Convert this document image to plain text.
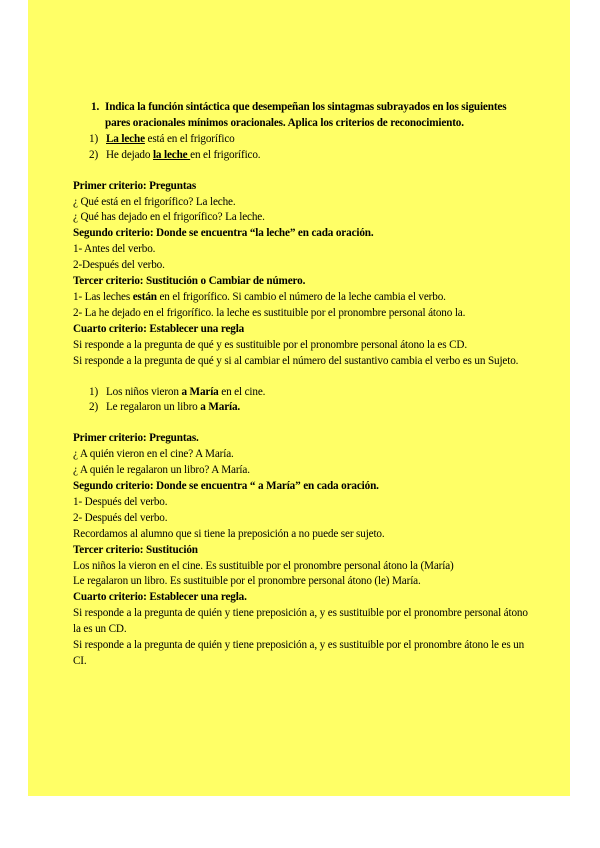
1. Indica la función sintáctica que desempeñan los sintagmas subrayados en los siguientes pares oracionales mínimos oracionales. Aplica los criterios de reconocimiento.
1) La leche está en el frigorífico
2) He dejado la leche en el frigorífico.
Primer criterio: Preguntas
¿ Qué está en el frigorífico? La leche.
¿ Qué has dejado en el frigorífico? La leche.
Segundo criterio: Donde se encuentra “la leche” en cada oración.
1- Antes del verbo.
2-Después del verbo.
Tercer criterio: Sustitución o Cambiar de número.
1- Las leches están en el frigorífico. Si cambio el número de la leche cambia el verbo.
2- La he dejado en el frigorífico. la leche es sustituible por el pronombre personal átono la.
Cuarto criterio: Establecer una regla
Si responde a la pregunta de qué y es sustituible por el pronombre personal átono la es CD.
Si responde a la pregunta de qué y si al cambiar el número del sustantivo cambia el verbo es un Sujeto.
1) Los niños vieron a María en el cine.
2) Le regalaron un libro a María.
Primer criterio: Preguntas.
¿ A quién vieron en el cine? A María.
¿ A quién le regalaron un libro? A María.
Segundo criterio: Donde se encuentra “ a María” en cada oración.
1- Después del verbo.
2- Después del verbo.
Recordamos al alumno que si tiene la preposición a no puede ser sujeto.
Tercer criterio: Sustitución
Los niños la vieron en el cine. Es sustituible por el pronombre personal átono la (María)
Le regalaron un libro. Es sustituible por el pronombre personal átono (le) María.
Cuarto criterio: Establecer una regla.
Si responde a la pregunta de quién y tiene preposición a, y es sustituible por el pronombre personal átono la es un CD.
Si responde a la pregunta de quién y tiene preposición a, y es sustituible por el pronombre átono le es un CI.
